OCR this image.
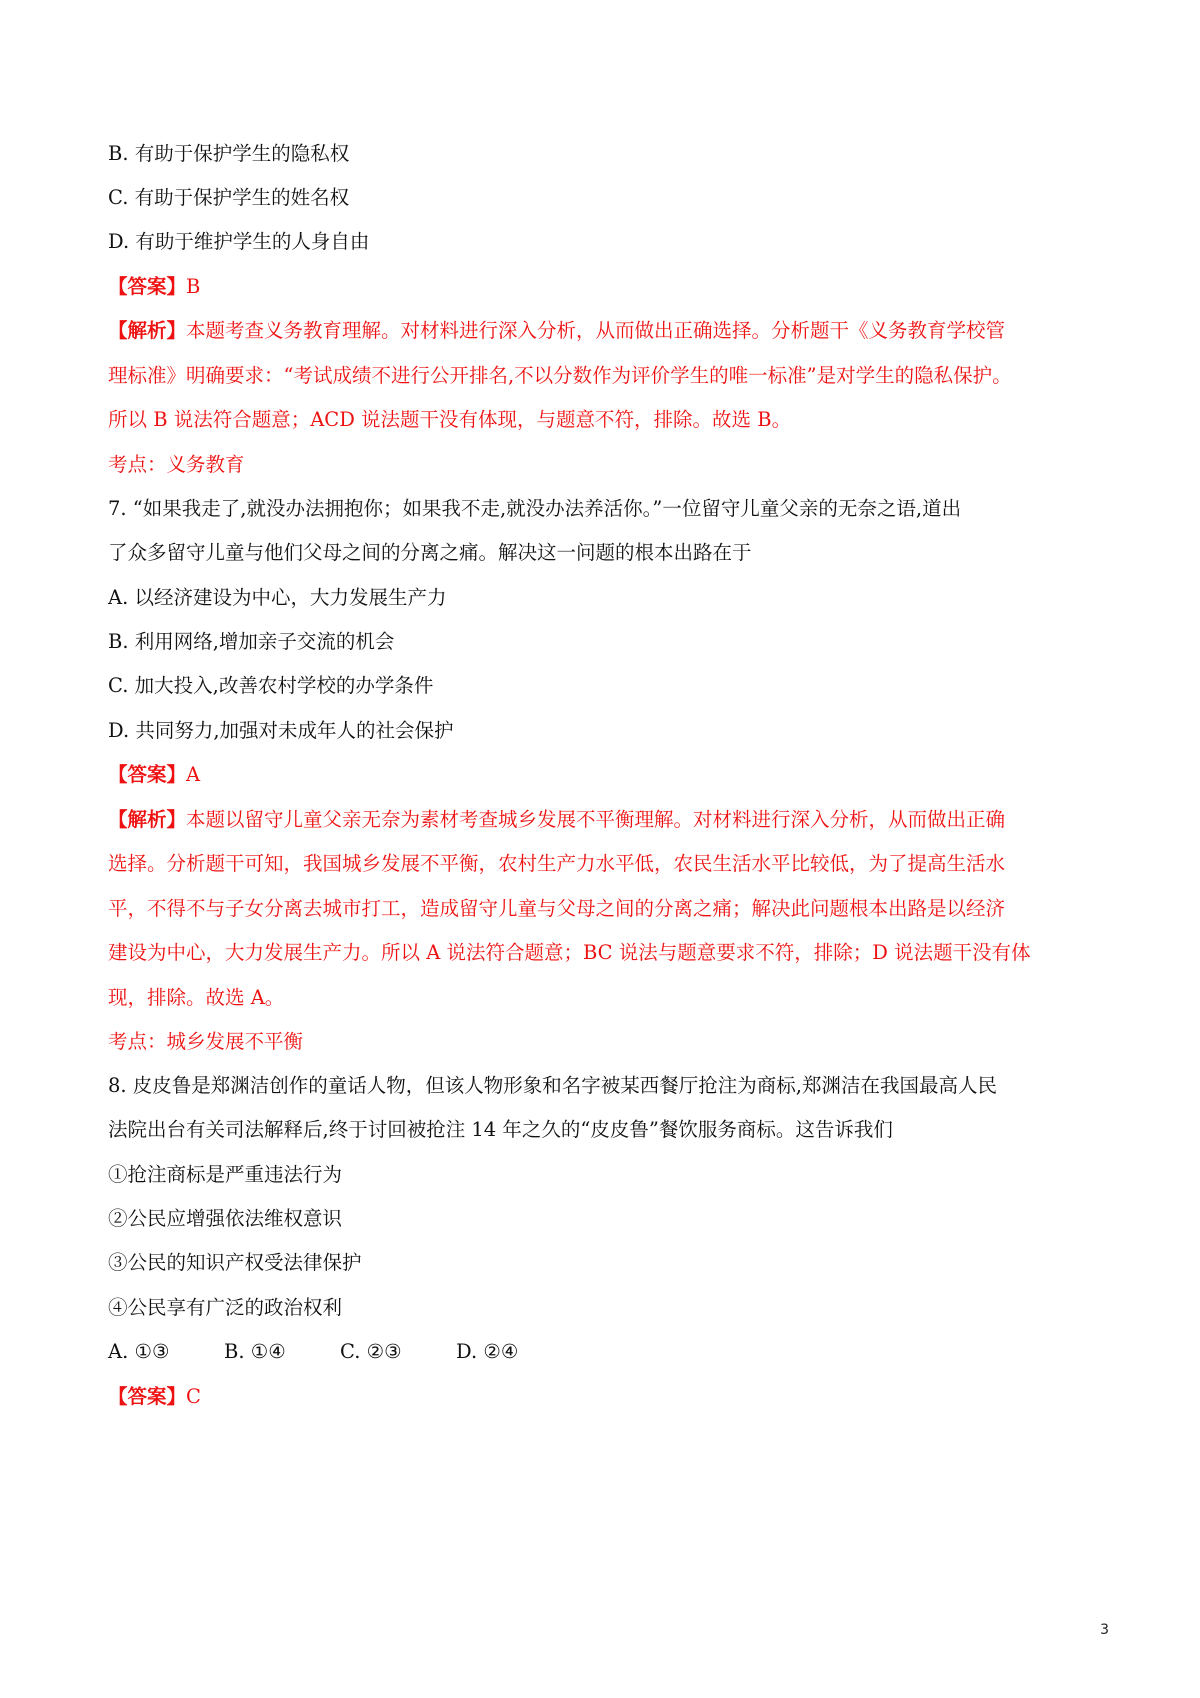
B. 有助于保护学生的隐私权
C. 有助于保护学生的姓名权
D. 有助于维护学生的人身自由
【答案】B
【解析】本题考查义务教育理解。对材料进行深入分析，从而做出正确选择。分析题干《义务教育学校管
理标准》明确要求：“考试成绩不进行公开排名,不以分数作为评价学生的唯一标准”是对学生的隐私保护。
所以 B 说法符合题意；ACD 说法题干没有体现，与题意不符，排除。故选 B。
考点：义务教育
7. “如果我走了,就没办法拥抱你；如果我不走,就没办法养活你。”一位留守儿童父亲的无奈之语,道出
了众多留守儿童与他们父母之间的分离之痛。解决这一问题的根本出路在于
A. 以经济建设为中心，大力发展生产力
B. 利用网络,增加亲子交流的机会
C. 加大投入,改善农村学校的办学条件
D. 共同努力,加强对未成年人的社会保护
【答案】A
【解析】本题以留守儿童父亲无奈为素材考查城乡发展不平衡理解。对材料进行深入分析，从而做出正确
选择。分析题干可知，我国城乡发展不平衡，农村生产力水平低，农民生活水平比较低，为了提高生活水
平，不得不与子女分离去城市打工，造成留守儿童与父母之间的分离之痛；解决此问题根本出路是以经济
建设为中心，大力发展生产力。所以 A 说法符合题意；BC 说法与题意要求不符，排除；D 说法题干没有体
现，排除。故选 A。
考点：城乡发展不平衡
8. 皮皮鲁是郑渊洁创作的童话人物，但该人物形象和名字被某西餐厅抢注为商标,郑渊洁在我国最高人民
法院出台有关司法解释后,终于讨回被抢注 14 年之久的“皮皮鲁”餐饮服务商标。这告诉我们
①抢注商标是严重违法行为
②公民应增强依法维权意识
③公民的知识产权受法律保护
④公民享有广泛的政治权利
A. ①③	B. ①④	C. ②③	D. ②④
【答案】C
3
